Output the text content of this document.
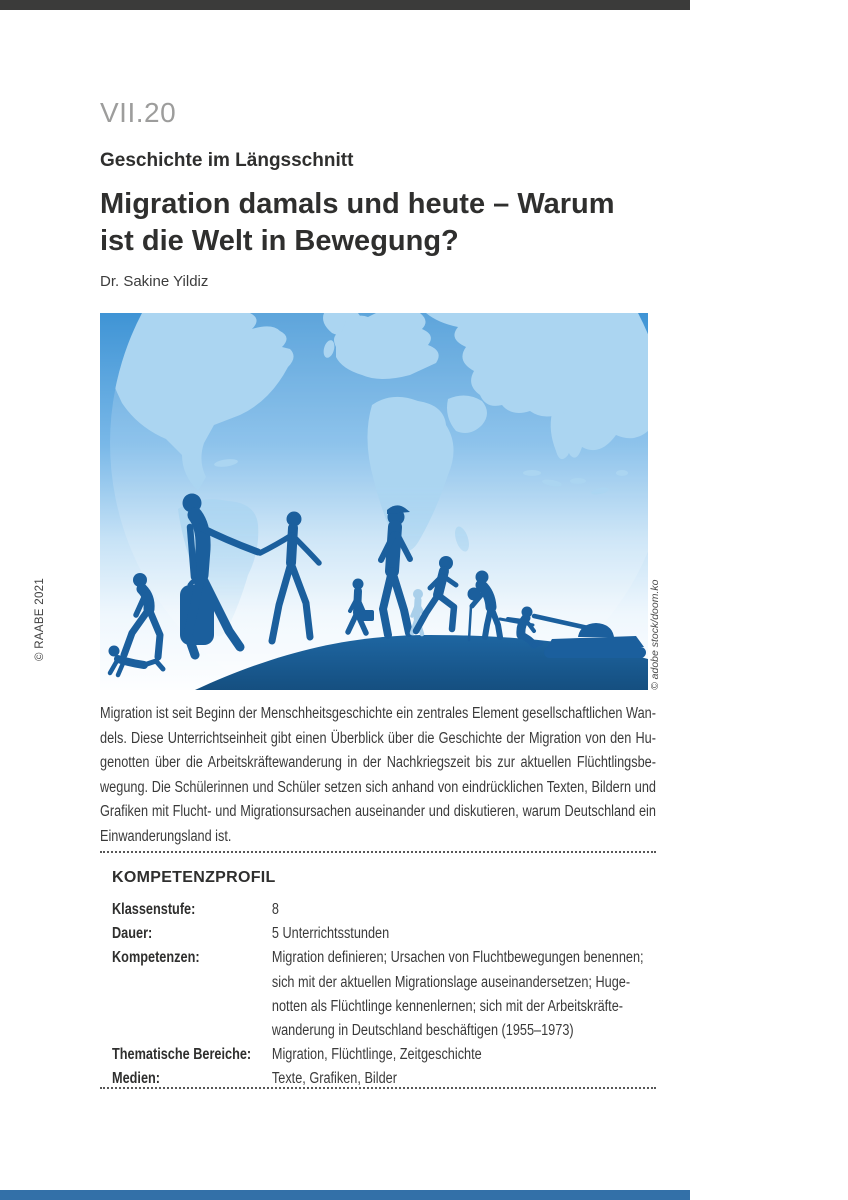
© RAABE 2021
VII.20
Geschichte im Längsschnitt
Migration damals und heute – Warum
ist die Welt in Bewegung?
Dr. Sakine Yildiz
© adobe stock/doom.ko
Migration ist seit Beginn der Menschheitsgeschichte ein zentrales Element gesellschaftlichen Wan-
dels. Diese Unterrichtseinheit gibt einen Überblick über die Geschichte der Migration von den Hu-
genotten über die Arbeitskräftewanderung in der Nachkriegszeit bis zur aktuellen Flüchtlingsbe-
wegung. Die Schülerinnen und Schüler setzen sich anhand von eindrücklichen Texten, Bildern und
Grafiken mit Flucht- und Migrationsursachen auseinander und diskutieren, warum Deutschland ein
Einwanderungsland ist.
KOMPETENZPROFIL
Klassenstufe:	8
Dauer:	5 Unterrichtsstunden
Kompetenzen:	Migration definieren; Ursachen von Fluchtbewegungen benennen;
sich mit der aktuellen Migrationslage auseinandersetzen; Huge-
notten als Flüchtlinge kennenlernen; sich mit der Arbeitskräfte-
wanderung in Deutschland beschäftigen (1955–1973)
Thematische Bereiche:	Migration, Flüchtlinge, Zeitgeschichte
Medien:	Texte, Grafiken, Bilder
